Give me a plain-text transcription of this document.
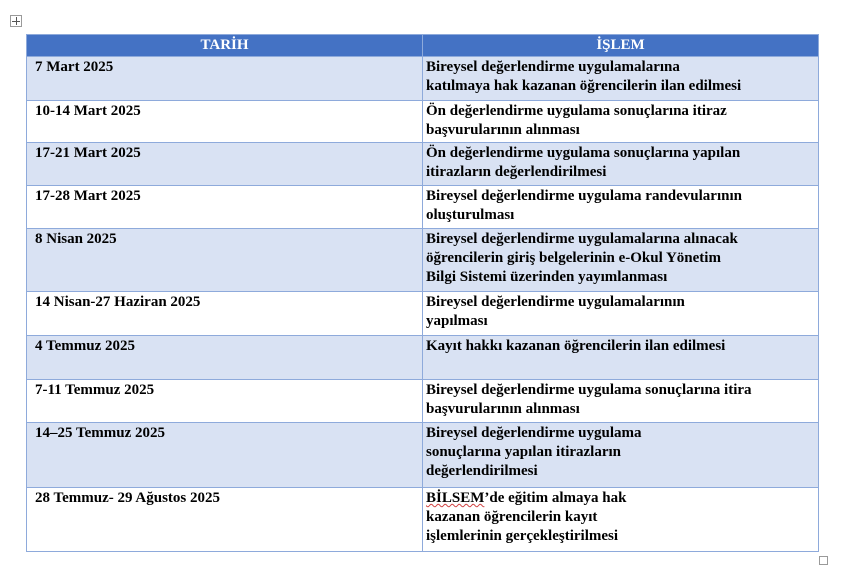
TARİH	İŞLEM
7 Mart 2025	Bireysel değerlendirme uygulamalarına
katılmaya hak kazanan öğrencilerin ilan edilmesi
10-14 Mart 2025	Ön değerlendirme uygulama sonuçlarına itiraz
başvurularının alınması
17-21 Mart 2025	Ön değerlendirme uygulama sonuçlarına yapılan
itirazların değerlendirilmesi
17-28 Mart 2025	Bireysel değerlendirme uygulama randevularının
oluşturulması
8 Nisan 2025	Bireysel değerlendirme uygulamalarına alınacak
öğrencilerin giriş belgelerinin e-Okul Yönetim
Bilgi Sistemi üzerinden yayımlanması
14 Nisan-27 Haziran 2025	Bireysel değerlendirme uygulamalarının
yapılması
4 Temmuz 2025	Kayıt hakkı kazanan öğrencilerin ilan edilmesi

7-11 Temmuz 2025	Bireysel değerlendirme uygulama sonuçlarına itira
başvurularının alınması
14–25 Temmuz 2025	Bireysel değerlendirme uygulama
sonuçlarına yapılan itirazların
değerlendirilmesi
28 Temmuz- 29 Ağustos 2025	BİLSEM’de eğitim almaya hak
kazanan öğrencilerin kayıt
işlemlerinin gerçekleştirilmesi
